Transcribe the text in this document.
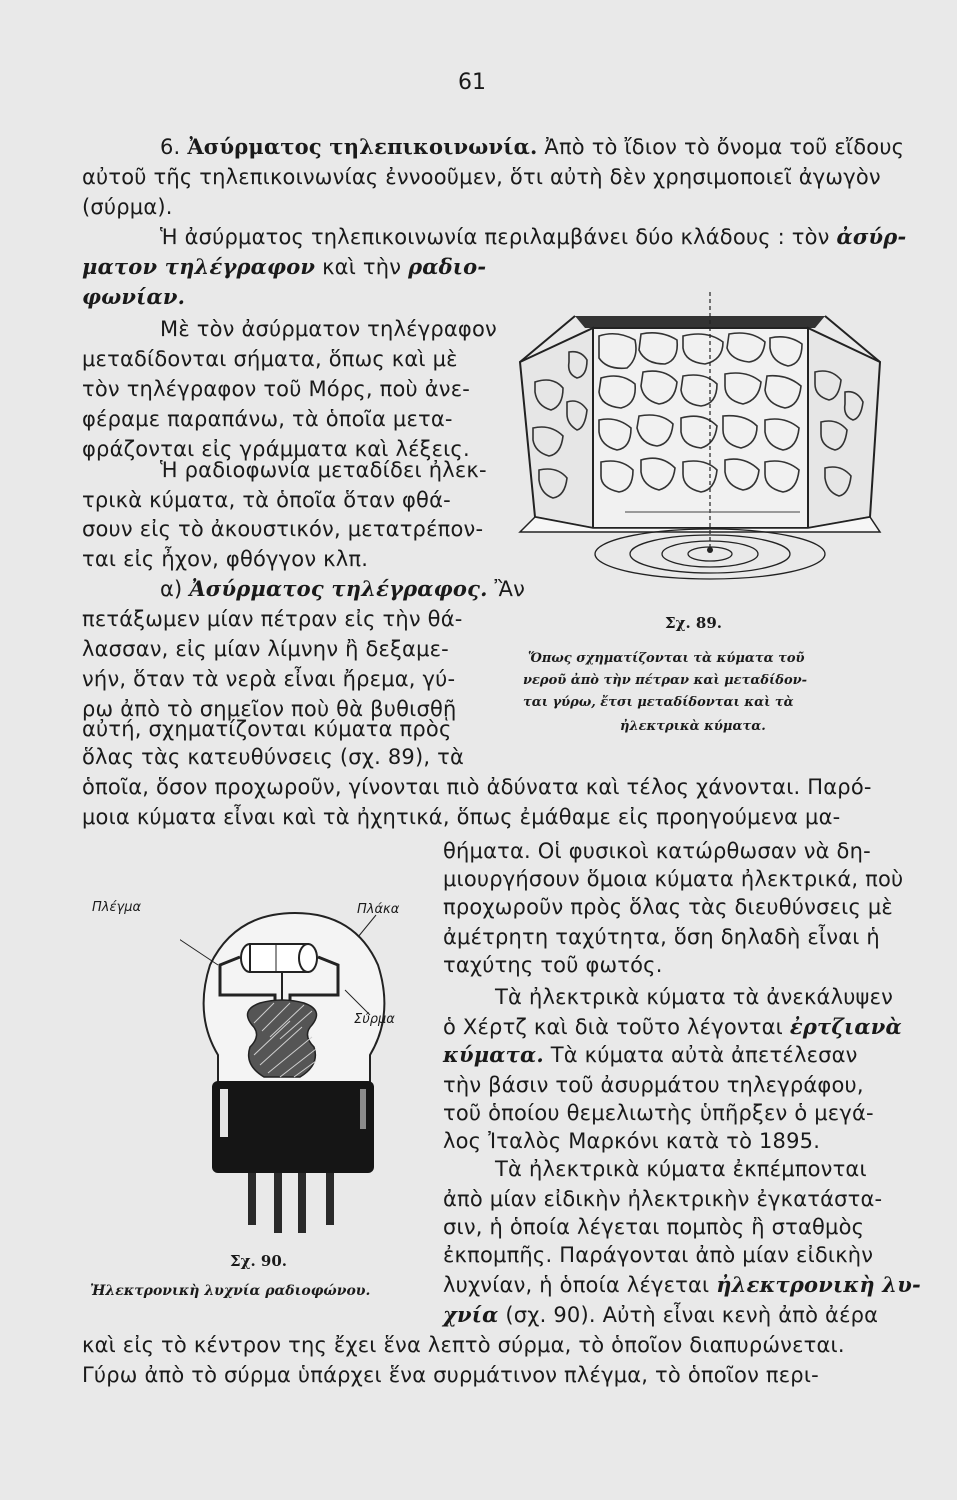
61
6. Ἀσύρματος τηλεπικοινωνία. Ἀπὸ τὸ ἴδιον τὸ ὄνομα τοῦ εἴδους
αὐτοῦ τῆς τηλεπικοινωνίας ἐννοοῦμεν, ὅτι αὐτὴ δὲν χρησιμοποιεῖ ἀγωγὸν
(σύρμα).
Ἡ ἀσύρματος τηλεπικοινωνία περιλαμβάνει δύο κλάδους : τὸν ἀσύρ-
ματον τηλέγραφον καὶ τὴν ραδιο-
φωνίαν.
Μὲ τὸν ἀσύρματον τηλέγραφον
μεταδίδονται σήματα, ὅπως καὶ μὲ
τὸν τηλέγραφον τοῦ Μόρς, ποὺ ἀνε-
φέραμε παραπάνω, τὰ ὁποῖα μετα-
φράζονται εἰς γράμματα καὶ λέξεις.
Ἡ ραδιοφωνία μεταδίδει ἠλεκ-
τρικὰ κύματα, τὰ ὁποῖα ὅταν φθά-
σουν εἰς τὸ ἀκουστικόν, μετατρέπον-
ται εἰς ἦχον, φθόγγον κλπ.
α) Ἀσύρματος τηλέγραφος. Ἂν
πετάξωμεν μίαν πέτραν εἰς τὴν θά-
λασσαν, εἰς μίαν λίμνην ἢ δεξαμε-
νήν, ὅταν τὰ νερὰ εἶναι ἤρεμα, γύ-
ρω ἀπὸ τὸ σημεῖον ποὺ θὰ βυθισθῇ
αὐτή, σχηματίζονται κύματα πρὸς
ὅλας τὰς κατευθύνσεις (σχ. 89), τὰ
ὁποῖα, ὅσον προχωροῦν, γίνονται πιὸ ἀδύνατα καὶ τέλος χάνονται. Παρό-
μοια κύματα εἶναι καὶ τὰ ἠχητικά, ὅπως ἐμάθαμε εἰς προηγούμενα μα-
Σχ. 89.
Ὅπως σχηματίζονται τὰ κύματα τοῦ
νεροῦ ἀπὸ τὴν πέτραν καὶ μεταδίδον-
ται γύρω, ἔτσι μεταδίδονται καὶ τὰ
ἠλεκτρικὰ κύματα.
θήματα. Οἱ φυσικοὶ κατώρθωσαν νὰ δη-
μιουργήσουν ὅμοια κύματα ἠλεκτρικά, ποὺ
προχωροῦν πρὸς ὅλας τὰς διευθύνσεις μὲ
ἀμέτρητη ταχύτητα, ὅση δηλαδὴ εἶναι ἡ
ταχύτης τοῦ φωτός.
Τὰ ἠλεκτρικὰ κύματα τὰ ἀνεκάλυψεν
ὁ Χέρτζ καὶ διὰ τοῦτο λέγονται ἐρτζιανὰ
κύματα. Τὰ κύματα αὐτὰ ἀπετέλεσαν
τὴν βάσιν τοῦ ἀσυρμάτου τηλεγράφου,
τοῦ ὁποίου θεμελιωτὴς ὑπῆρξεν ὁ μεγά-
λος Ἰταλὸς Μαρκόνι κατὰ τὸ 1895.
Τὰ ἠλεκτρικὰ κύματα ἐκπέμπονται
ἀπὸ μίαν εἰδικὴν ἠλεκτρικὴν ἐγκατάστα-
σιν, ἡ ὁποία λέγεται πομπὸς ἢ σταθμὸς
ἐκπομπῆς. Παράγονται ἀπὸ μίαν εἰδικὴν
λυχνίαν, ἡ ὁποία λέγεται ἠλεκτρονικὴ λυ-
χνία (σχ. 90). Αὐτὴ εἶναι κενὴ ἀπὸ ἀέρα
καὶ εἰς τὸ κέντρον της ἔχει ἕνα λεπτὸ σύρμα, τὸ ὁποῖον διαπυρώνεται.
Γύρω ἀπὸ τὸ σύρμα ὑπάρχει ἕνα συρμάτινον πλέγμα, τὸ ὁποῖον περι-
Πλέγμα	Πλάκα
Σύρμα
Σχ. 90.
Ἠλεκτρονικὴ λυχνία ραδιοφώνου.
